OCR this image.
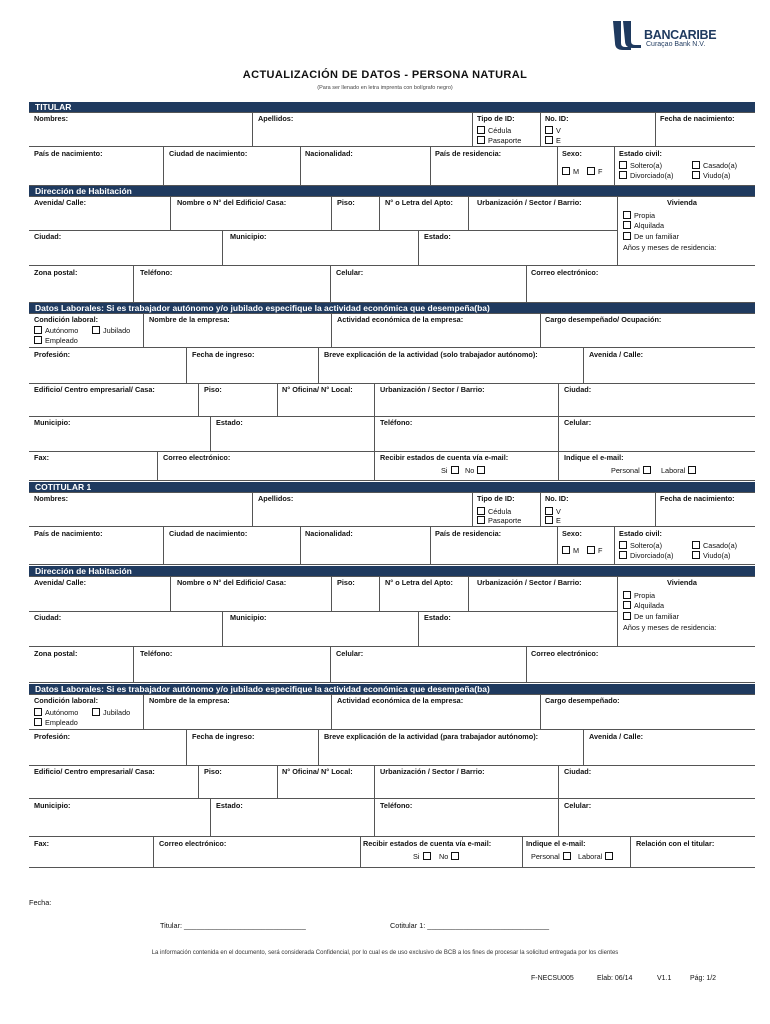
BANCARIBE
Curaçao Bank N.V.
ACTUALIZACIÓN DE DATOS - PERSONA NATURAL
(Para ser llenado en letra imprenta con bolígrafo negro)
TITULAR
Nombres:	Apellidos:	Tipo de ID:
Cédula
Pasaporte
No. ID:
V
E
Fecha de nacimiento:
País de nacimiento:	Ciudad de nacimiento:	Nacionalidad:	País de residencia:	Sexo:
M	F
Estado civil:
Soltero(a)	Casado(a)
Divorciado(a)	Viudo(a)
Dirección de Habitación
Avenida/ Calle:	Nombre o N° del Edificio/ Casa:	Piso:	N° o Letra del Apto:	Urbanización / Sector / Barrio:	Vivienda
Propia
Alquilada
De un familiar
Años y meses de residencia:
Ciudad:	Municipio:	Estado:
Zona postal:	Teléfono:	Celular:	Correo electrónico:
Datos Laborales: Si es trabajador autónomo y/o jubilado especifique la actividad económica que desempeña(ba)
Condición laboral:
Autónomo	Jubilado
Empleado
Nombre de la empresa:	Actividad económica de la empresa:	Cargo desempeñado/ Ocupación:
Profesión:	Fecha de ingreso:	Breve explicación de la actividad (solo trabajador autónomo):	Avenida / Calle:
Edificio/ Centro empresarial/ Casa:	Piso:	N° Oficina/ N° Local:	Urbanización / Sector / Barrio:	Ciudad:
Municipio:	Estado:	Teléfono:	Celular:
Fax:	Correo electrónico:	Recibir estados de cuenta vía e-mail:
Si	No
Indique el e-mail:
Personal	Laboral
COTITULAR 1
Nombres:	Apellidos:	Tipo de ID:
Cédula
Pasaporte
No. ID:
V
E
Fecha de nacimiento:
País de nacimiento:	Ciudad de nacimiento:	Nacionalidad:	País de residencia:	Sexo:
M	F
Estado civil:
Soltero(a)	Casado(a)
Divorciado(a)	Viudo(a)
Dirección de Habitación
Avenida/ Calle:	Nombre o N° del Edificio/ Casa:	Piso:	N° o Letra del Apto:	Urbanización / Sector / Barrio:	Vivienda
Propia
Alquilada
De un familiar
Años y meses de residencia:
Ciudad:	Municipio:	Estado:
Zona postal:	Teléfono:	Celular:	Correo electrónico:
Datos Laborales: Si es trabajador autónomo y/o jubilado especifique la actividad económica que desempeña(ba)
Condición laboral:
Autónomo	Jubilado
Empleado
Nombre de la empresa:	Actividad económica de la empresa:	Cargo desempeñado:
Profesión:	Fecha de ingreso:	Breve explicación de la actividad (para trabajador autónomo):	Avenida / Calle:
Edificio/ Centro empresarial/ Casa:	Piso:	N° Oficina/ N° Local:	Urbanización / Sector / Barrio:	Ciudad:
Municipio:	Estado:	Teléfono:	Celular:
Fax:	Correo electrónico:	Recibir estados de cuenta vía e-mail:
Si	No
Indique el e-mail:
Personal	Laboral
Relación con el titular:
Fecha:
Titular: ______________________________	Cotitular 1: ______________________________
La información contenida en el documento, será considerada Confidencial, por lo cual es de uso exclusivo de BCB a los fines de procesar la solicitud entregada por los clientes
F-NECSU005	Elab: 06/14	V1.1	Pág: 1/2
